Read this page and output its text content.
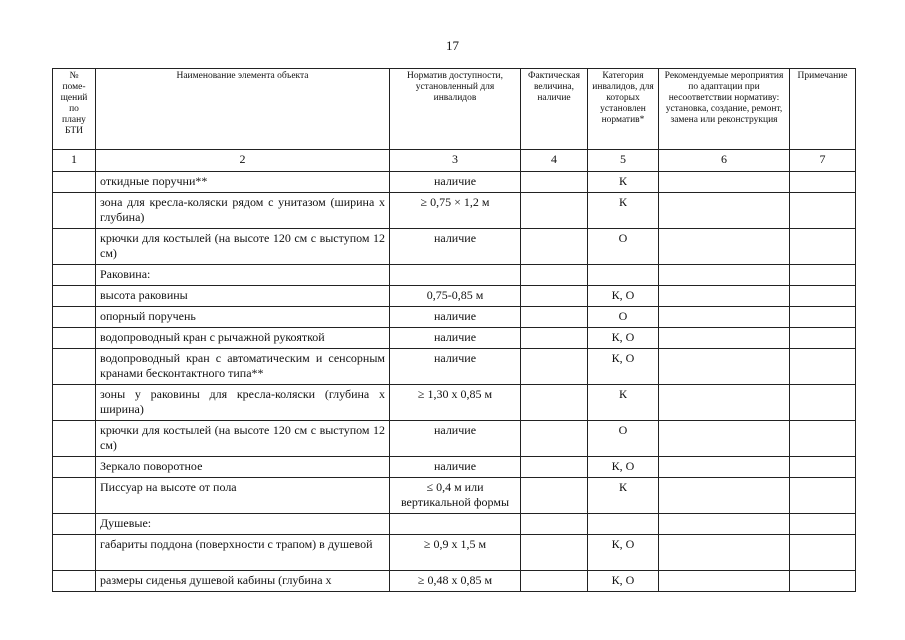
17
№ поме-щений по плану БТИ	Наименование элемента объекта	Норматив доступности, установленный для инвалидов	Фактическая величина, наличие	Категория инвалидов, для которых установлен норматив*	Рекомендуемые мероприятия по адаптации при несоответствии нормативу: установка, создание, ремонт, замена или реконструкция	Примечание
1	2	3	4	5	6	7
	откидные поручни**	наличие		К		
	зона для кресла-коляски рядом с унитазом (ширина х глубина)	≥ 0,75 × 1,2 м		К		
	крючки для костылей (на высоте 120 см с выступом 12 см)	наличие		О		
	Раковина:					
	высота раковины	0,75-0,85 м		К, О		
	опорный поручень	наличие		О		
	водопроводный кран с рычажной рукояткой	наличие		К, О		
	водопроводный кран с автоматическим и сенсорным кранами бесконтактного типа**	наличие		К, О		
	зоны у раковины для кресла-коляски (глубина х ширина)	≥ 1,30 х 0,85 м		К		
	крючки для костылей (на высоте 120 см с выступом 12 см)	наличие		О		
	Зеркало поворотное	наличие		К, О		
	Писсуар на высоте от пола	≤ 0,4 м или вертикальной формы		К		
	Душевые:					
	габариты поддона (поверхности с трапом) в душевой	≥ 0,9 х 1,5 м		К, О		
	размеры сиденья душевой кабины (глубина х	≥ 0,48 х 0,85 м		К, О		
